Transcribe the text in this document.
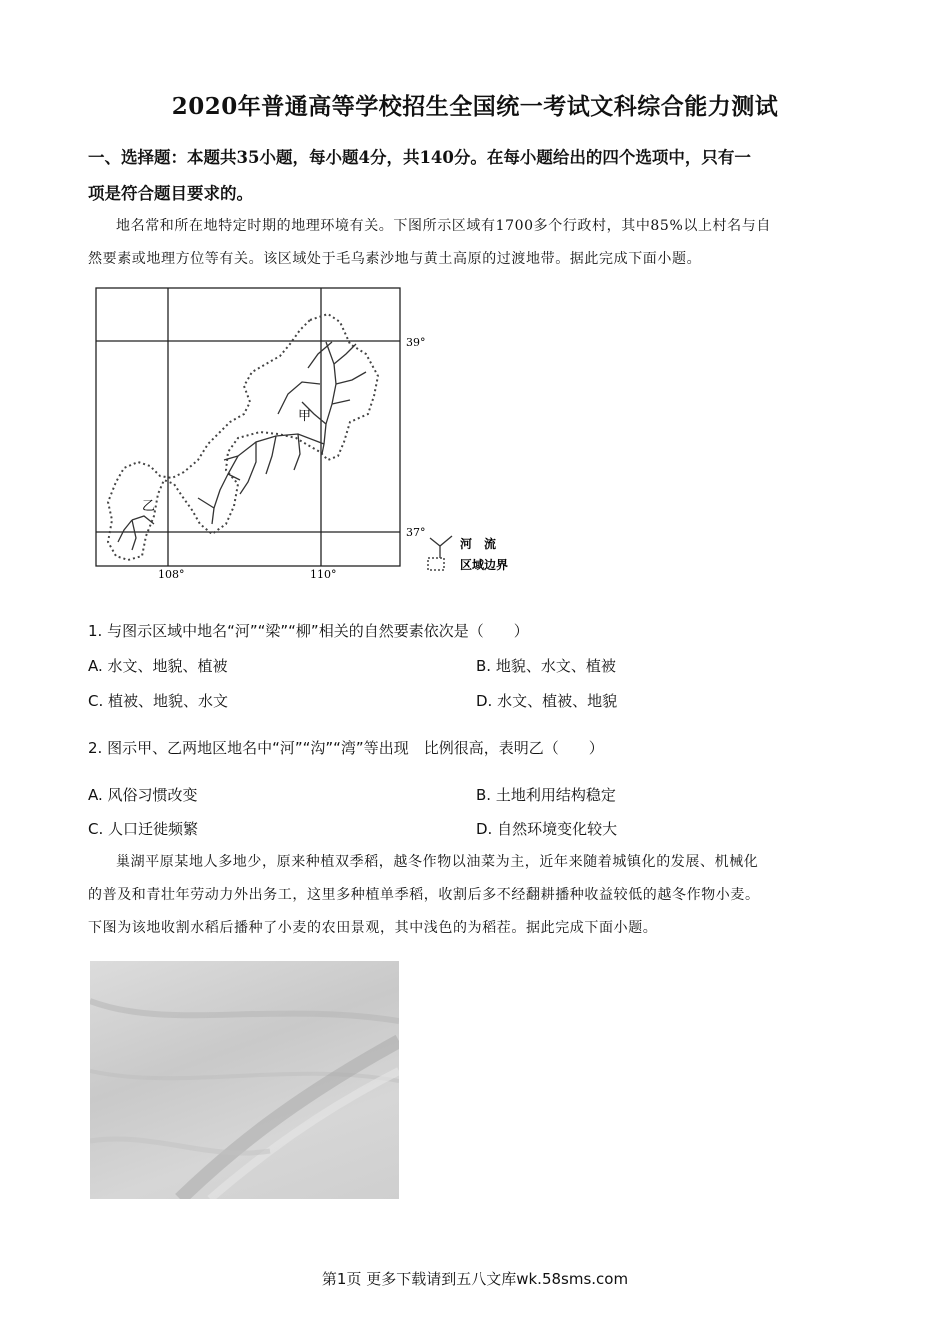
2020年普通高等学校招生全国统一考试文科综合能力测试
一、选择题：本题共35小题，每小题4分，共140分。在每小题给出的四个选项中，只有一
项是符合题目要求的。
地名常和所在地特定时期的地理环境有关。下图所示区域有1700多个行政村，其中85%以上村名与自
然要素或地理方位等有关。该区域处于毛乌素沙地与黄土高原的过渡地带。据此完成下面小题。
甲
乙
39°
37°
108°	110°
河　流
区域边界
1. 与图示区域中地名“河”“梁”“柳”相关的自然要素依次是（　　）
A. 水文、地貌、植被	B. 地貌、水文、植被
C. 植被、地貌、水文	D. 水文、植被、地貌
2. 图示甲、乙两地区地名中“河”“沟”“湾”等出现　比例很高，表明乙（　　）
A. 风俗习惯改变	B. 土地利用结构稳定
C. 人口迁徙频繁	D. 自然环境变化较大
巢湖平原某地人多地少，原来种植双季稻，越冬作物以油菜为主，近年来随着城镇化的发展、机械化
的普及和青壮年劳动力外出务工，这里多种植单季稻，收割后多不经翻耕播种收益较低的越冬作物小麦。
下图为该地收割水稻后播种了小麦的农田景观，其中浅色的为稻茬。据此完成下面小题。
第1页 更多下载请到五八文库wk.58sms.com
